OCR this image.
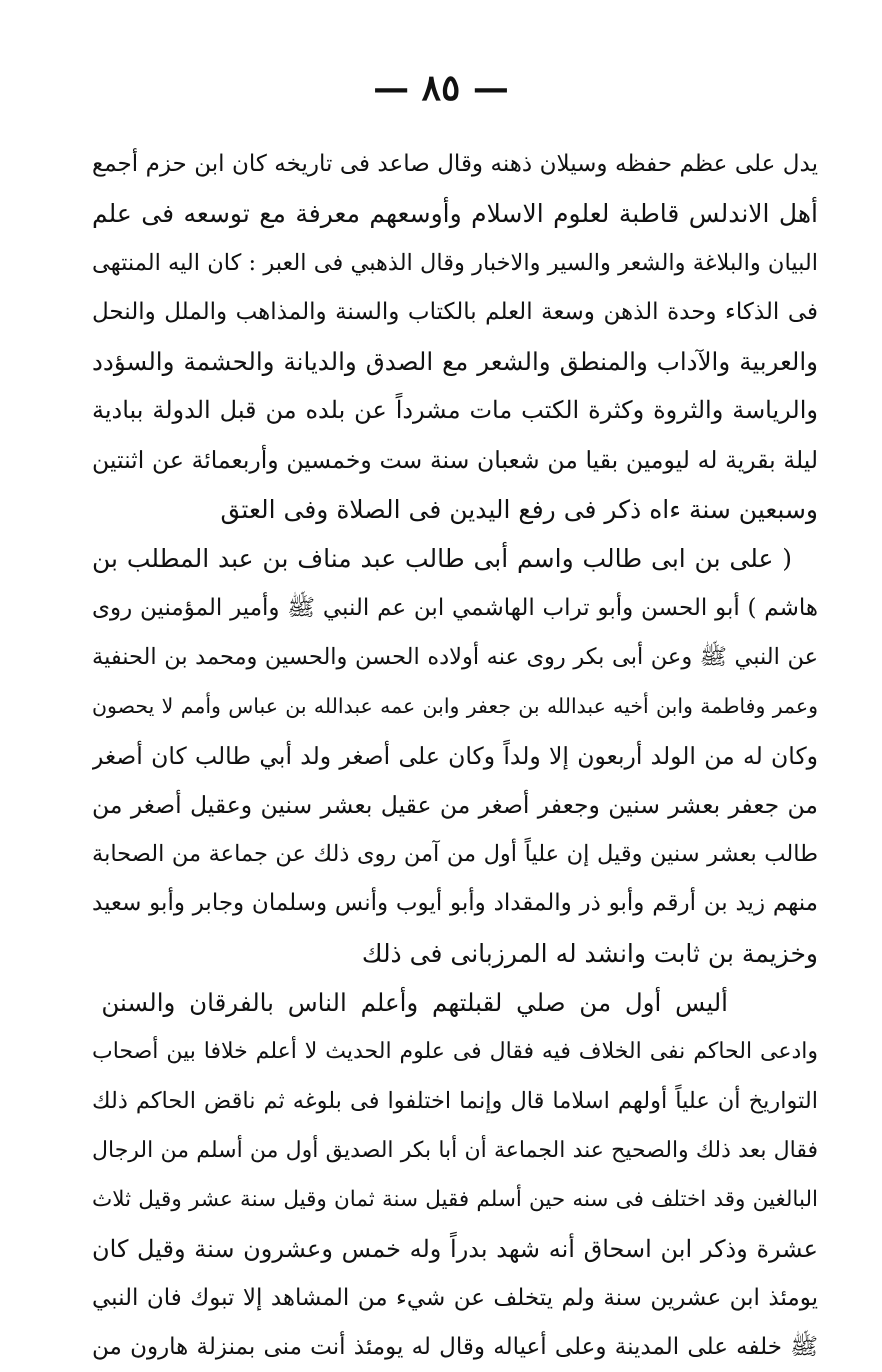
— ٨٥ —
يدل على عظم حفظه وسيلان ذهنه وقال صاعد فى تاريخه كان ابن حزم أجمع
أهل الاندلس قاطبة لعلوم الاسلام وأوسعهم معرفة مع توسعه فى علم
البيان والبلاغة والشعر والسير والاخبار وقال الذهبي فى العبر : كان اليه المنتهى
فى الذكاء وحدة الذهن وسعة العلم بالكتاب والسنة والمذاهب والملل والنحل
والعربية والآداب والمنطق والشعر مع الصدق والديانة والحشمة والسؤدد
والرياسة والثروة وكثرة الكتب مات مشرداً عن بلده من قبل الدولة ببادية
ليلة بقرية له ليومين بقيا من شعبان سنة ست وخمسين وأربعمائة عن اثنتين
وسبعين سنة ءاه ذكر فى رفع اليدين فى الصلاة وفى العتق
( على بن ابى طالب واسم أبى طالب عبد مناف بن عبد المطلب بن
هاشم ) أبو الحسن وأبو تراب الهاشمي ابن عم النبي ﷺ وأمير المؤمنين روى
عن النبي ﷺ وعن أبى بكر روى عنه أولاده الحسن والحسين ومحمد بن الحنفية
وعمر وفاطمة وابن أخيه عبدالله بن جعفر وابن عمه عبدالله بن عباس وأمم لا يحصون
وكان له من الولد أربعون إلا ولداً وكان على أصغر ولد أبي طالب كان أصغر
من جعفر بعشر سنين وجعفر أصغر من عقيل بعشر سنين وعقيل أصغر من
طالب بعشر سنين وقيل إن علياً أول من آمن روى ذلك عن جماعة من الصحابة
منهم زيد بن أرقم وأبو ذر والمقداد وأبو أيوب وأنس وسلمان وجابر وأبو سعيد
وخزيمة بن ثابت وانشد له المرزبانى فى ذلك
أليس أول من صلي لقبلتهم وأعلم الناس بالفرقان والسنن
وادعى الحاكم نفى الخلاف فيه فقال فى علوم الحديث لا أعلم خلافا بين أصحاب
التواريخ أن علياً أولهم اسلاما قال وإنما اختلفوا فى بلوغه ثم ناقض الحاكم ذلك
فقال بعد ذلك والصحيح عند الجماعة أن أبا بكر الصديق أول من أسلم من الرجال
البالغين وقد اختلف فى سنه حين أسلم فقيل سنة ثمان وقيل سنة عشر وقيل ثلاث
عشرة وذكر ابن اسحاق أنه شهد بدراً وله خمس وعشرون سنة وقيل كان
يومئذ ابن عشرين سنة ولم يتخلف عن شيء من المشاهد إلا تبوك فان النبي
ﷺ خلفه على المدينة وعلى أعياله وقال له يومئذ أنت منى بمنزلة هارون من
